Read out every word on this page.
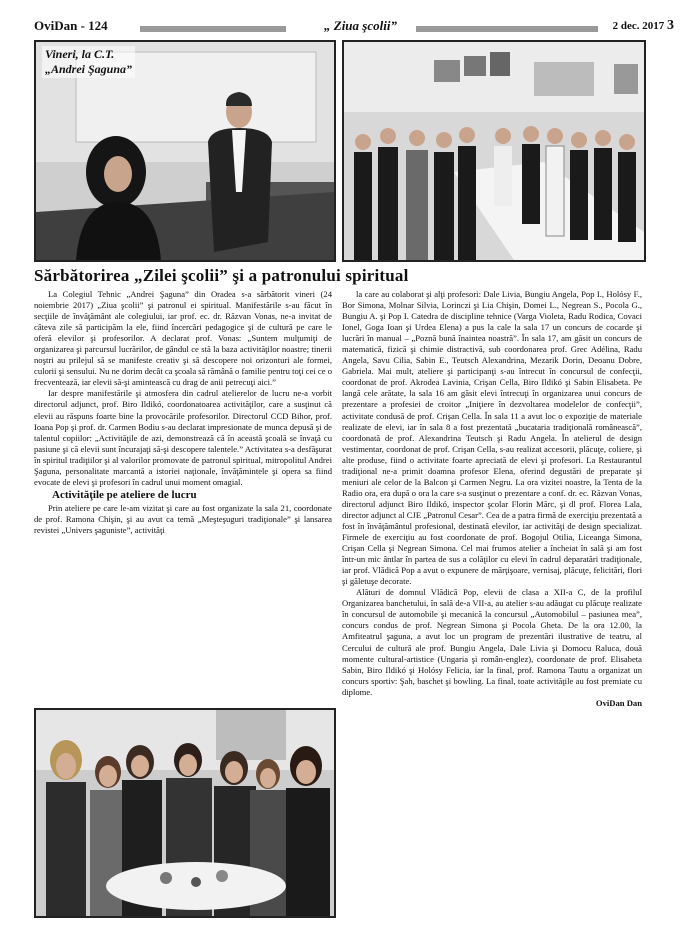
OviDan - 124	„ Ziua şcolii”	2 dec. 2017 3
Vineri, la C.T.
„Andrei Şaguna”
Sărbătorirea „Zilei şcolii” şi a patronului spiritual

La Colegiul Tehnic „Andrei Şaguna” din Oradea s-a sărbătorit vineri (24 noiembrie 2017) „Ziua şcolii” şi patronul ei spiritual. Manifestările s-au făcut în secţiile de învăţământ ale colegiului, iar prof. ec. dr. Răzvan Vonas, ne-a invitat de câteva zile să participăm la ele, fiind încercări pedagogice şi de cultură pe care le oferă elevilor şi profesorilor. A declarat prof. Vonas: „Suntem mulţumiţi de organizarea şi parcursul lucrărilor, de gândul ce stă la baza activităţilor noastre; tinerii noştri au prilejul să se manifeste creativ şi să descopere noi orizonturi ale formei, culorii şi sensului. Nu ne dorim decât ca şcoala să rămână o familie pentru toţi cei ce o frecventează, iar elevii să-şi amintească cu drag de anii petrecuţi aici.”

Iar despre manifestările şi atmosfera din cadrul atelierelor de lucru ne-a vorbit directorul adjunct, prof. Biro Ildikó, coordonatoarea activităţilor, care a susţinut că elevii au răspuns foarte bine la provocările profesorilor. Directorul CCD Bihor, prof. Ioana Pop şi prof. dr. Carmen Bodiu s-au declarat impresionate de munca depusă şi de talentul copiilor: „Activităţile de azi, demonstrează că în această şcoală se învaţă cu pasiune şi că elevii sunt încurajaţi să-şi descopere talentele.” Activitatea s-a desfăşurat în spiritul tradiţiilor şi al valorilor promovate de patronul spiritual, mitropolitul Andrei Şaguna, personalitate marcantă a istoriei naţionale, învăţămintele şi opera sa fiind evocate de elevi şi profesori în cadrul unui moment omagial.

Activităţile pe ateliere de lucru

Prin ateliere pe care le-am vizitat şi care au fost organizate la sala 21, coordonate de prof. Ramona Chişin, şi au avut ca temă „Meşteşuguri tradiţionale” şi lansarea revistei „Univers şaguniste”, activităţi

la care au colaborat şi alţi profesori: Dale Livia, Bungiu Angela, Pop I., Holósy F., Bor Simona, Molnar Silvia, Lorinczi şi Lia Chişin, Domei L., Negrean S., Pocola G., Bungiu A. şi Pop I. Catedra de discipline tehnice (Varga Violeta, Radu Rodica, Covaci Ionel, Goga Ioan şi Urdea Elena) a pus la cale la sala 17 un concurs de cocarde şi lucrări în manual – „Poznă bună înaintea noastră”. În sala 17, am găsit un concurs de matematică, fizică şi chimie distractivă, sub coordonarea prof. Grec Adélina, Radu Angela, Savu Cilia, Sabin E., Teutsch Alexandrina, Mezarik Dorin, Deoanu Dobre, Gabriela. Mai mult, ateliere şi participanţi s-au întrecut în concursul de confecţii, coordonat de prof. Akrodea Lavinia, Crişan Cella, Biro Ildikó şi Sabin Elisabeta. Pe langă cele arătate, la sala 16 am găsit elevi întrecuţi în organizarea unui concurs de prezentare a profesiei de croitor „Iniţiere în dezvoltarea modelelor de confecţii”, activitate condusă de prof. Crişan Cella. În sala 11 a avut loc o expoziţie de materiale realizate de elevi, iar în sala 8 a fost prezentată „bucataria tradiţională românească”, coordonată de prof. Alexandrina Teutsch şi Radu Angela. În atelierul de design vestimentar, coordonat de prof. Crişan Cella, s-au realizat accesorii, plăcuţe, coliere, şi alte produse, fiind o activitate foarte apreciată de elevi şi profesori. La Restaurantul tradiţional ne-a primit doamna profesor Elena, oferind degustări de preparate şi meniuri ale celor de la Balcon şi Carmen Negru. La ora vizitei noastre, la Tenta de la Radio ora, era după o ora la care s-a susţinut o prezentare a conf. dr. ec. Răzvan Vonas, directorul adjunct Biro Ildikó, inspector şcolar Florin Mărc, şi dl prof. Florea Lala, director adjunct al CJE „Patronul Cesar”. Cea de a patra firmă de exerciţiu prezentată a fost în învăţământul profesional, destinată elevilor, iar activităţi de design specializat. Firmele de exerciţiu au fost coordonate de prof. Bogojul Otilia, Liceanga Simona, Crişan Cella şi Negrean Simona. Cel mai frumos atelier a încheiat în sală şi am fost într-un mic ântlar în partea de sus a colăţilor cu elevi în cadrul deparatări tradiţionale, iar prof. Vlădică Pop a avut o expunere de mărţişoare, vernisaj, plăcuţe, felicitări, flori şi găletuşe decorate.

Alături de domnul Vlădică Pop, elevii de clasa a XII-a C, de la profilul Organizarea banchetului, în sală de-a VII-a, au atelier s-au adăugat cu plăcuţe realizate în concursul de automobile şi mecanică la concursul „Automobilul – pasiunea mea”, concurs condus de prof. Negrean Simona şi Pocola Gheta. De la ora 12.00, la Amfiteatrul şaguna, a avut loc un program de prezentări ilustrative de teatru, al Cercului de cultură ale prof. Bungiu Angela, Dale Livia şi Domocu Raluca, două momente cultural-artistice (Ungaria şi român-englez), coordonate de prof. Elisabeta Sabin, Biro Ildikó şi Holósy Felicia, iar la final, prof. Ramona Tautu a organizat un concurs sportiv: Şah, baschet şi bowling. La final, toate activităţile au fost premiate cu diplome.

OviDan Dan
